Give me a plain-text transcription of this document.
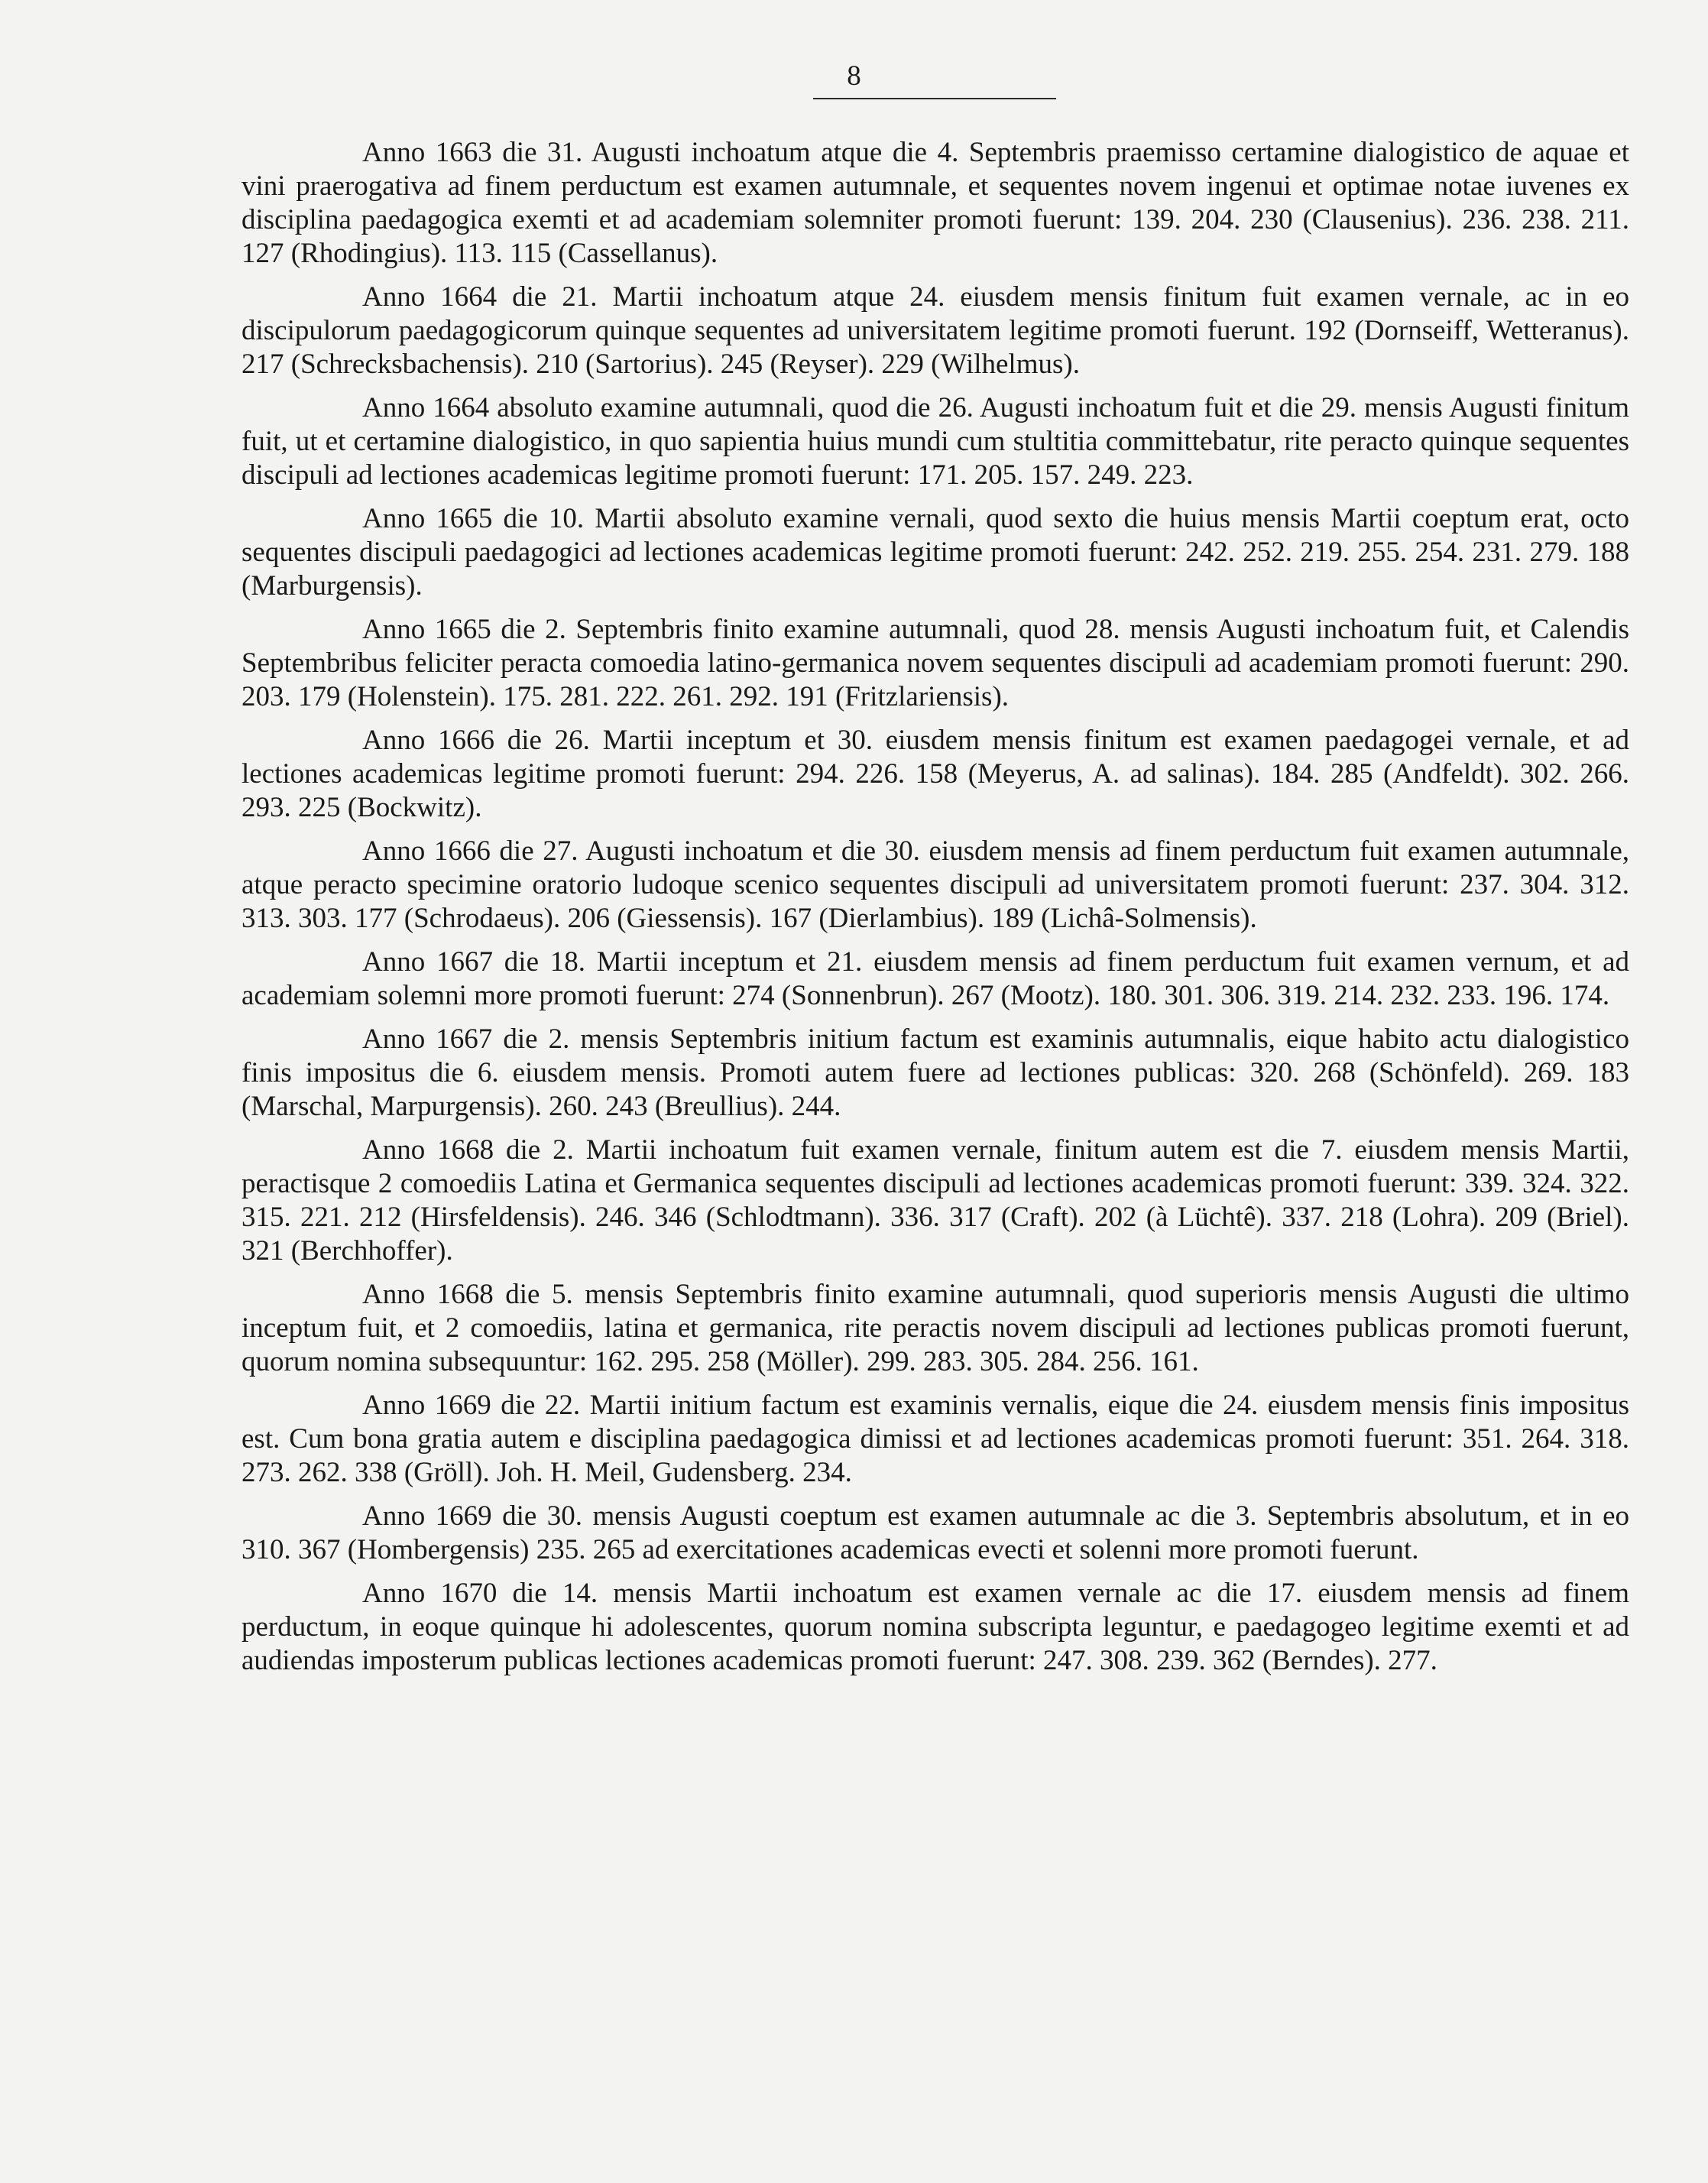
8

Anno 1663 die 31. Augusti inchoatum atque die 4. Septembris praemisso certamine dialogistico de aquae et vini praerogativa ad finem perductum est examen autumnale, et sequentes novem ingenui et optimae notae iuvenes ex disciplina paedagogica exemti et ad academiam solemniter promoti fuerunt: 139. 204. 230 (Clausenius). 236. 238. 211. 127 (Rhodingius). 113. 115 (Cassellanus).

Anno 1664 die 21. Martii inchoatum atque 24. eiusdem mensis finitum fuit examen vernale, ac in eo discipulorum paedagogicorum quinque sequentes ad universitatem legitime promoti fuerunt. 192 (Dornseiff, Wetteranus). 217 (Schrecksbachensis). 210 (Sartorius). 245 (Reyser). 229 (Wilhelmus).

Anno 1664 absoluto examine autumnali, quod die 26. Augusti inchoatum fuit et die 29. mensis Augusti finitum fuit, ut et certamine dialogistico, in quo sapientia huius mundi cum stultitia committebatur, rite peracto quinque sequentes discipuli ad lectiones academicas legitime promoti fuerunt: 171. 205. 157. 249. 223.

Anno 1665 die 10. Martii absoluto examine vernali, quod sexto die huius mensis Martii coeptum erat, octo sequentes discipuli paedagogici ad lectiones academicas legitime promoti fuerunt: 242. 252. 219. 255. 254. 231. 279. 188 (Marburgensis).

Anno 1665 die 2. Septembris finito examine autumnali, quod 28. mensis Augusti inchoatum fuit, et Calendis Septembribus feliciter peracta comoedia latino-germanica novem sequentes discipuli ad academiam promoti fuerunt: 290. 203. 179 (Holenstein). 175. 281. 222. 261. 292. 191 (Fritzlariensis).

Anno 1666 die 26. Martii inceptum et 30. eiusdem mensis finitum est examen paedagogei vernale, et ad lectiones academicas legitime promoti fuerunt: 294. 226. 158 (Meyerus, A. ad salinas). 184. 285 (Andfeldt). 302. 266. 293. 225 (Bockwitz).

Anno 1666 die 27. Augusti inchoatum et die 30. eiusdem mensis ad finem perductum fuit examen autumnale, atque peracto specimine oratorio ludoque scenico sequentes discipuli ad universitatem promoti fuerunt: 237. 304. 312. 313. 303. 177 (Schrodaeus). 206 (Giessensis). 167 (Dierlambius). 189 (Lichâ-Solmensis).

Anno 1667 die 18. Martii inceptum et 21. eiusdem mensis ad finem perductum fuit examen vernum, et ad academiam solemni more promoti fuerunt: 274 (Sonnenbrun). 267 (Mootz). 180. 301. 306. 319. 214. 232. 233. 196. 174.

Anno 1667 die 2. mensis Septembris initium factum est examinis autumnalis, eique habito actu dialogistico finis impositus die 6. eiusdem mensis. Promoti autem fuere ad lectiones publicas: 320. 268 (Schönfeld). 269. 183 (Marschal, Marpurgensis). 260. 243 (Breullius). 244.

Anno 1668 die 2. Martii inchoatum fuit examen vernale, finitum autem est die 7. eiusdem mensis Martii, peractisque 2 comoediis Latina et Germanica sequentes discipuli ad lectiones academicas promoti fuerunt: 339. 324. 322. 315. 221. 212 (Hirsfeldensis). 246. 346 (Schlodtmann). 336. 317 (Craft). 202 (à Lüchtê). 337. 218 (Lohra). 209 (Briel). 321 (Berchhoffer).

Anno 1668 die 5. mensis Septembris finito examine autumnali, quod superioris mensis Augusti die ultimo inceptum fuit, et 2 comoediis, latina et germanica, rite peractis novem discipuli ad lectiones publicas promoti fuerunt, quorum nomina subsequuntur: 162. 295. 258 (Möller). 299. 283. 305. 284. 256. 161.

Anno 1669 die 22. Martii initium factum est examinis vernalis, eique die 24. eiusdem mensis finis impositus est. Cum bona gratia autem e disciplina paedagogica dimissi et ad lectiones academicas promoti fuerunt: 351. 264. 318. 273. 262. 338 (Gröll). Joh. H. Meil, Gudensberg. 234.

Anno 1669 die 30. mensis Augusti coeptum est examen autumnale ac die 3. Septembris absolutum, et in eo 310. 367 (Hombergensis) 235. 265 ad exercitationes academicas evecti et solenni more promoti fuerunt.

Anno 1670 die 14. mensis Martii inchoatum est examen vernale ac die 17. eiusdem mensis ad finem perductum, in eoque quinque hi adolescentes, quorum nomina subscripta leguntur, e paedagogeo legitime exemti et ad audiendas imposterum publicas lectiones academicas promoti fuerunt: 247. 308. 239. 362 (Berndes). 277.
